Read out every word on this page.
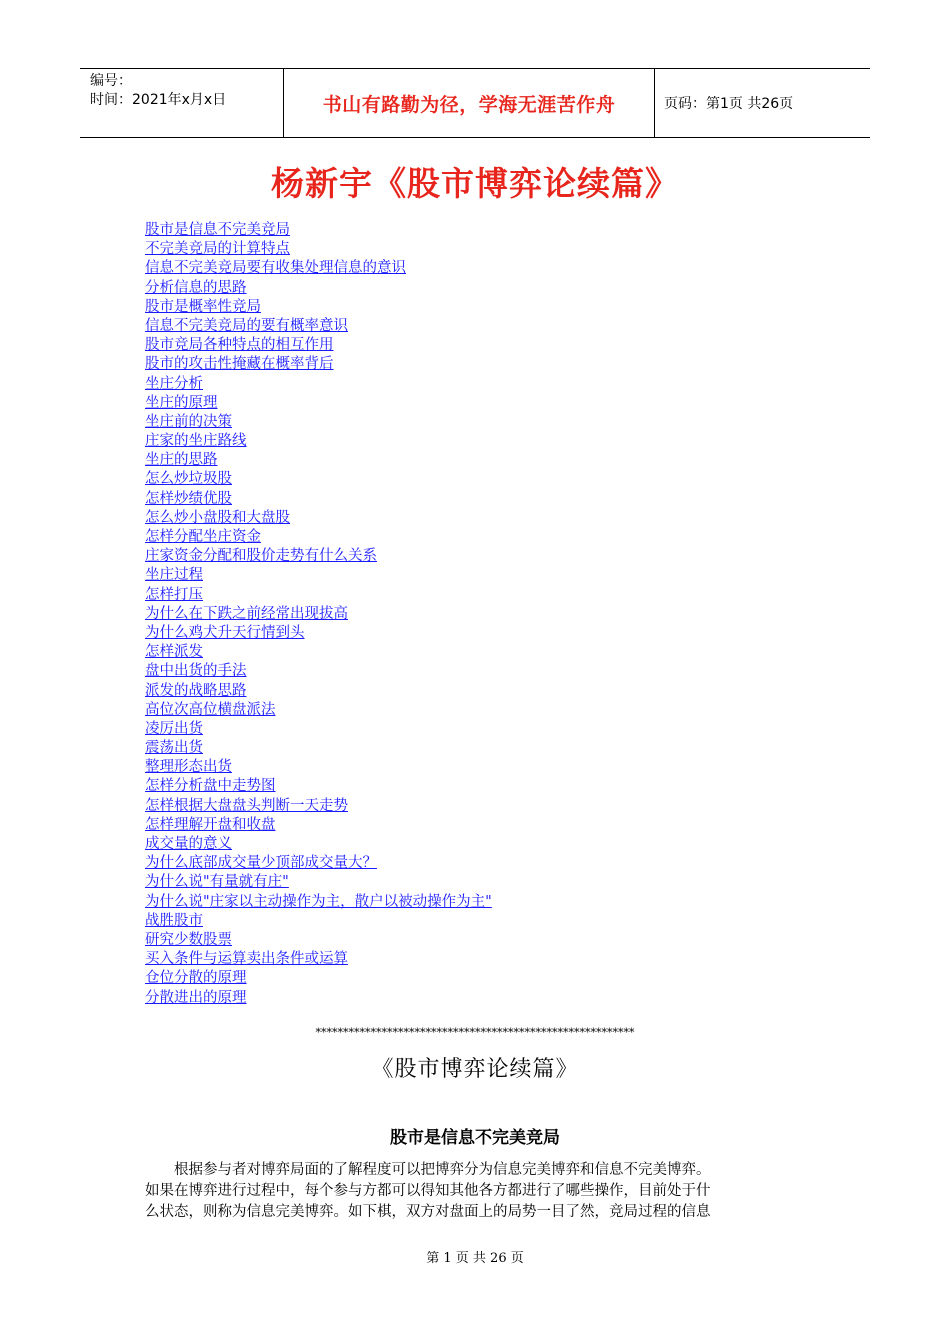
编号：
时间：2021年x月x日	书山有路勤为径，学海无涯苦作舟	页码：第1页 共26页
杨新宇《股市博弈论续篇》
股市是信息不完美竞局
不完美竞局的计算特点
信息不完美竞局要有收集处理信息的意识
分析信息的思路
股市是概率性竞局
信息不完美竞局的要有概率意识
股市竞局各种特点的相互作用
股市的攻击性掩藏在概率背后
坐庄分析
坐庄的原理
坐庄前的决策
庄家的坐庄路线
坐庄的思路
怎么炒垃圾股
怎样炒绩优股
怎么炒小盘股和大盘股
怎样分配坐庄资金
庄家资金分配和股价走势有什么关系
坐庄过程
怎样打压
为什么在下跌之前经常出现拔高
为什么鸡犬升天行情到头
怎样派发
盘中出货的手法
派发的战略思路
高位次高位横盘派法
凌厉出货
震荡出货
整理形态出货
怎样分析盘中走势图
怎样根据大盘盘头判断一天走势
怎样理解开盘和收盘
成交量的意义
为什么底部成交量少顶部成交量大？
为什么说"有量就有庄"
为什么说"庄家以主动操作为主，散户以被动操作为主"
战胜股市
研究少数股票
买入条件与运算卖出条件或运算
仓位分散的原理
分散进出的原理
**********************************************************
《股市博弈论续篇》
股市是信息不完美竞局
根据参与者对博弈局面的了解程度可以把博弈分为信息完美博弈和信息不完美博弈。
如果在博弈进行过程中，每个参与方都可以得知其他各方都进行了哪些操作，目前处于什
么状态，则称为信息完美博弈。如下棋，双方对盘面上的局势一目了然，竞局过程的信息
第 1 页 共 26 页
